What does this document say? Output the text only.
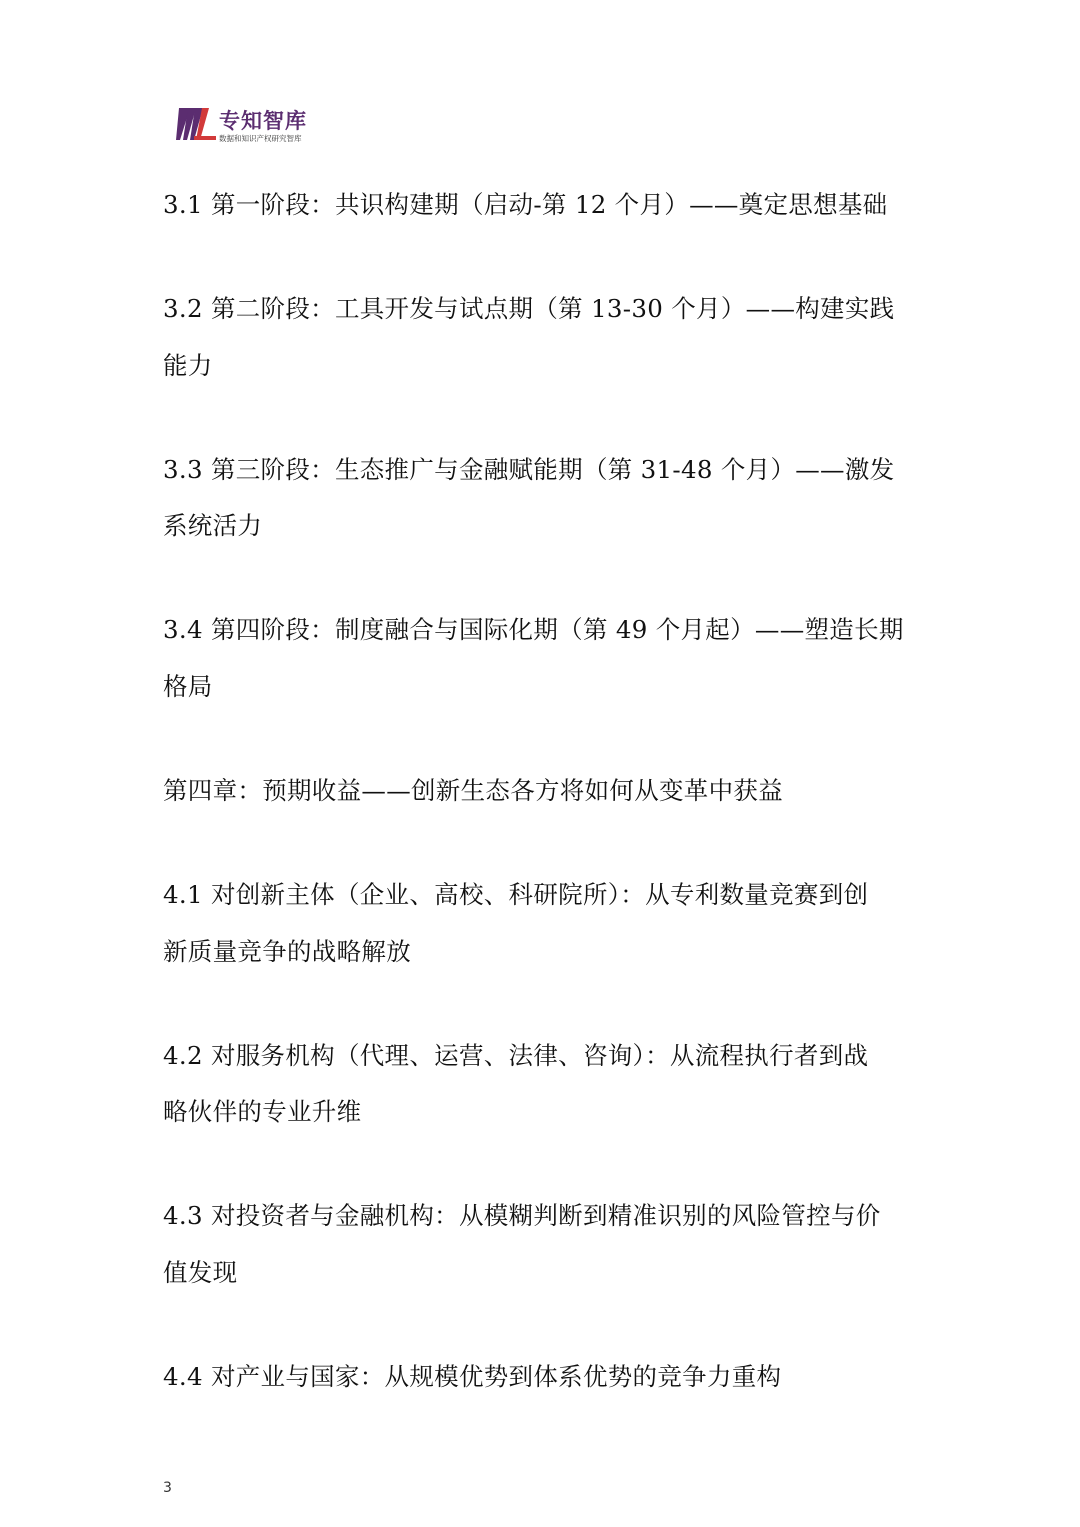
专知智库
数据和知识产权研究智库
3.1 第一阶段：共识构建期（启动-第 12 个月）——奠定思想基础
3.2 第二阶段：工具开发与试点期（第 13-30 个月）——构建实践
能力
3.3 第三阶段：生态推广与金融赋能期（第 31-48 个月）——激发
系统活力
3.4 第四阶段：制度融合与国际化期（第 49 个月起）——塑造长期
格局
第四章：预期收益——创新生态各方将如何从变革中获益
4.1 对创新主体（企业、高校、科研院所）：从专利数量竞赛到创
新质量竞争的战略解放
4.2 对服务机构（代理、运营、法律、咨询）：从流程执行者到战
略伙伴的专业升维
4.3 对投资者与金融机构：从模糊判断到精准识别的风险管控与价
值发现
4.4 对产业与国家：从规模优势到体系优势的竞争力重构
3
